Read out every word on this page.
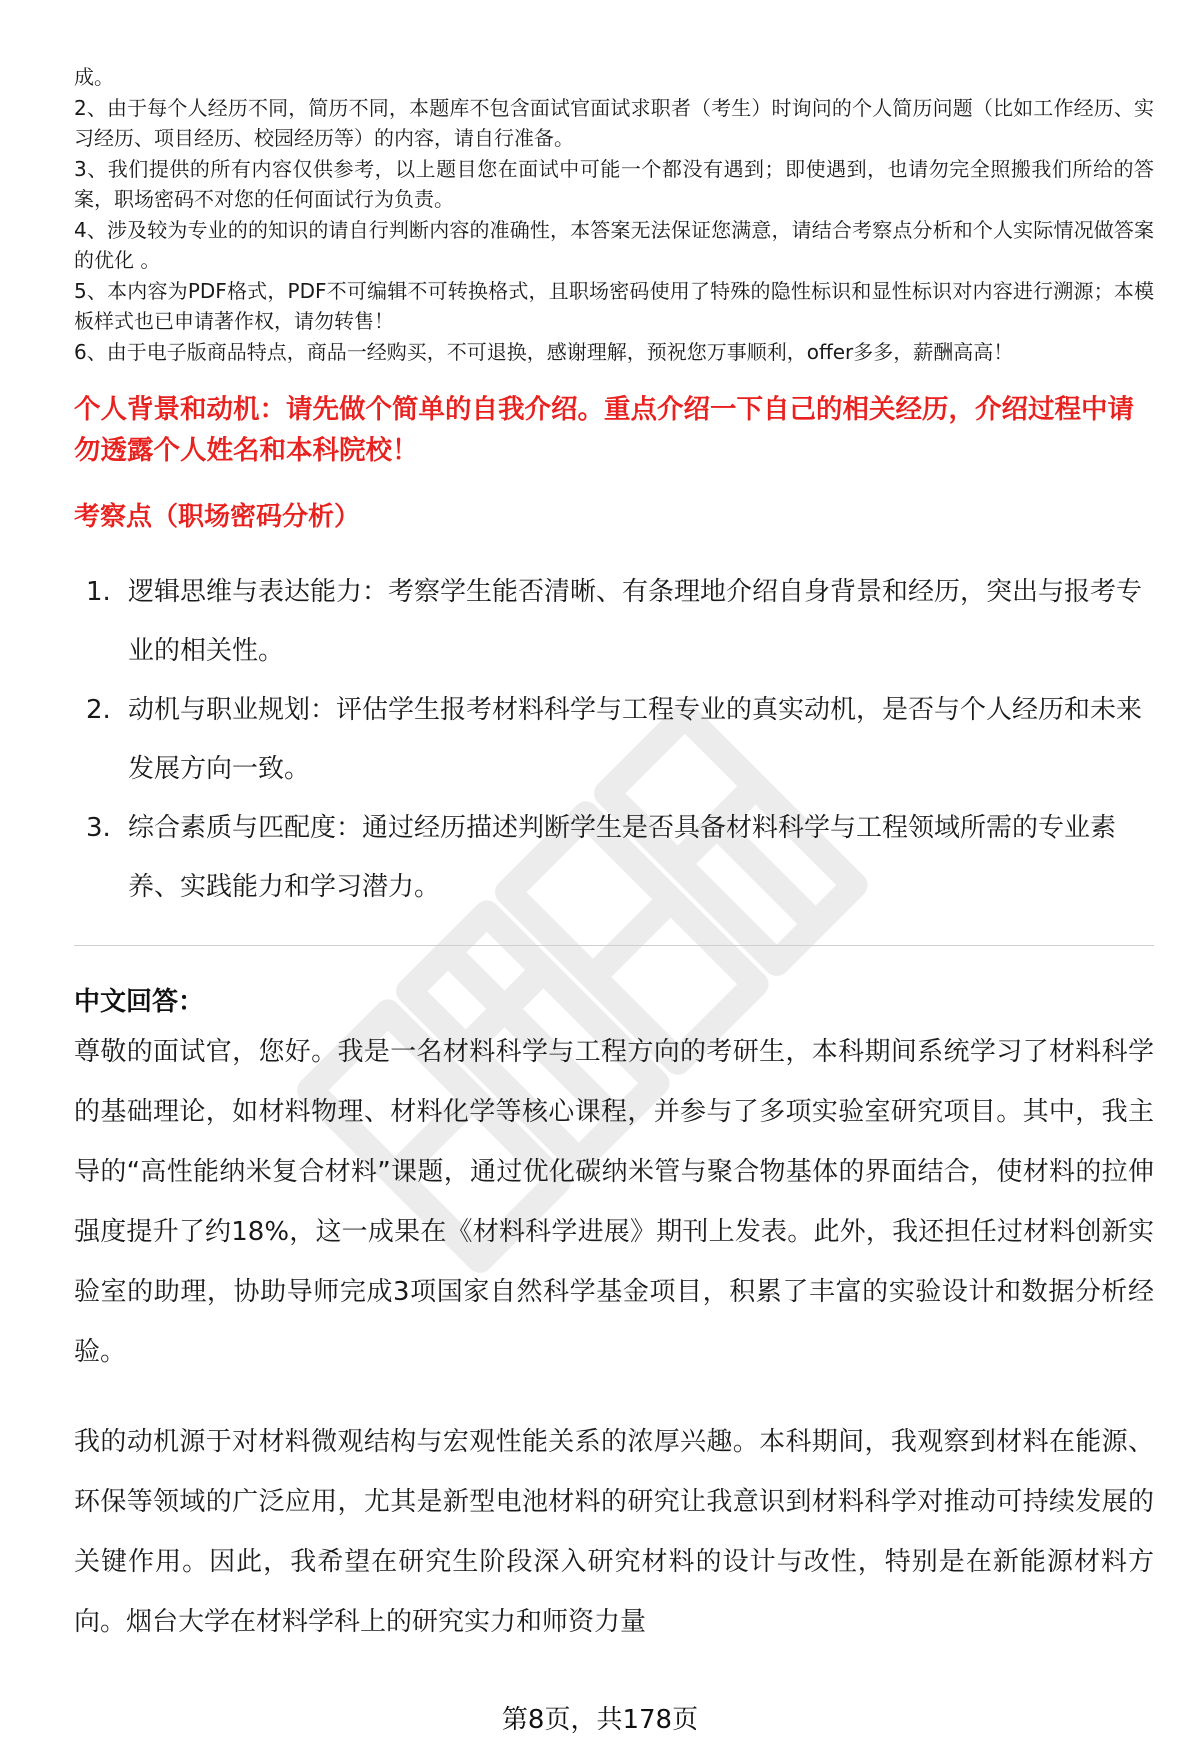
成。

2、由于每个人经历不同，简历不同，本题库不包含面试官面试求职者（考生）时询问的个人简历问题（比如工作经历、实习经历、项目经历、校园经历等）的内容，请自行准备。

3、我们提供的所有内容仅供参考，以上题目您在面试中可能一个都没有遇到；即使遇到，也请勿完全照搬我们所给的答案，职场密码不对您的任何面试行为负责。

4、涉及较为专业的的知识的请自行判断内容的准确性，本答案无法保证您满意，请结合考察点分析和个人实际情况做答案的优化 。

5、本内容为PDF格式，PDF不可编辑不可转换格式，且职场密码使用了特殊的隐性标识和显性标识对内容进行溯源；本模板样式也已申请著作权，请勿转售！

6、由于电子版商品特点，商品一经购买，不可退换，感谢理解，预祝您万事顺利，offer多多，薪酬高高！

个人背景和动机：请先做个简单的自我介绍。重点介绍一下自己的相关经历，介绍过程中请勿透露个人姓名和本科院校！
考察点（职场密码分析）
1. 逻辑思维与表达能力：考察学生能否清晰、有条理地介绍自身背景和经历，突出与报考专业的相关性。
2. 动机与职业规划：评估学生报考材料科学与工程专业的真实动机，是否与个人经历和未来发展方向一致。
3. 综合素质与匹配度：通过经历描述判断学生是否具备材料科学与工程领域所需的专业素养、实践能力和学习潜力。
中文回答：

尊敬的面试官，您好。我是一名材料科学与工程方向的考研生，本科期间系统学习了材料科学的基础理论，如材料物理、材料化学等核心课程，并参与了多项实验室研究项目。其中，我主导的“高性能纳米复合材料”课题，通过优化碳纳米管与聚合物基体的界面结合，使材料的拉伸强度提升了约18%，这一成果在《材料科学进展》期刊上发表。此外，我还担任过材料创新实验室的助理，协助导师完成3项国家自然科学基金项目，积累了丰富的实验设计和数据分析经验。

我的动机源于对材料微观结构与宏观性能关系的浓厚兴趣。本科期间，我观察到材料在能源、环保等领域的广泛应用，尤其是新型电池材料的研究让我意识到材料科学对推动可持续发展的关键作用。因此，我希望在研究生阶段深入研究材料的设计与改性，特别是在新能源材料方向。烟台大学在材料学科上的研究实力和师资力量

第8页，共178页
